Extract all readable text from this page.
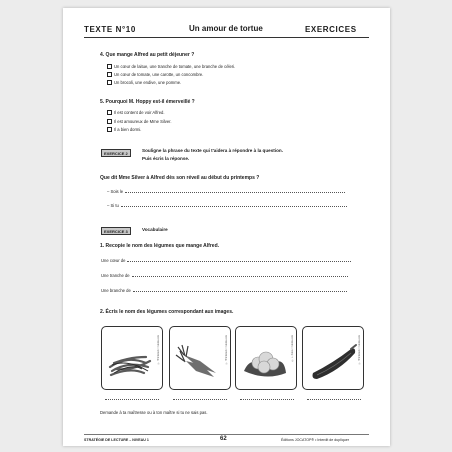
TEXTE N°10	Un amour de tortue	EXERCICES
4. Que mange Alfred au petit déjeuner ?
Un cœur de laitue, une tranche de tomate, une branche de céleri.
Un cœur de tomate, une carotte, un concombre.
Un brocoli, une endive, une pomme.
5. Pourquoi M. Hoppy est-il émerveillé ?
Il est content de voir Alfred.
Il est amoureux de Mme Silver.
Il a bien dormi.
EXERCICE 2	Souligne la phrase du texte qui t'aidera à répondre à la question.
Puis écris la réponse.
Que dit Mme Silver à Alfred dès son réveil au début du printemps ?
– Sois le
– Si tu
EXERCICE 3	Vocabulaire
1. Recopie le nom des légumes que mange Alfred.
Une cœur de
Une tranche de
Une branche de
2. Écris le nom des légumes correspondant aux images.
© Thinkstock / Fotolia.com	© Thinkstock / Fotolia.com	© L. Zotov / Fotolia.com	© Thinkstock / Fotolia.com
Demande à ta maîtresse ou à ton maître si tu ne sais pas.
STRATÉGIE DE LECTURE – NIVEAU 1	62	Éditions JOCATOP® • Interdit de dupliquer
